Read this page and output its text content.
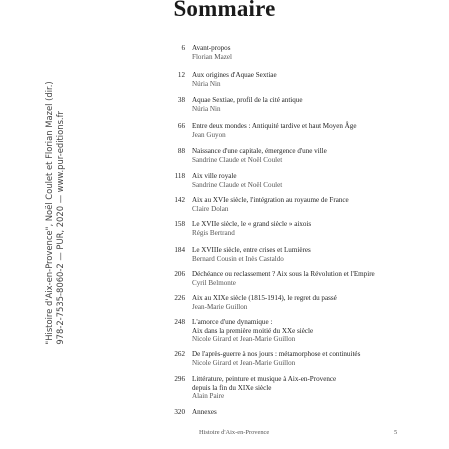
Sommaire
"Histoire d'Aix-en-Provence", Noël Coulet et Florian Mazel (dir.) 978-2-7535-8060-2 — PUR, 2020 — www.pur-editions.fr
6 Avant-propos
Florian Mazel
12 Aux origines d'Aquae Sextiae
Núria Nin
38 Aquae Sextiae, profil de la cité antique
Núria Nin
66 Entre deux mondes : Antiquité tardive et haut Moyen Âge
Jean Guyon
88 Naissance d'une capitale, émergence d'une ville
Sandrine Claude et Noël Coulet
118 Aix ville royale
Sandrine Claude et Noël Coulet
142 Aix au XVIe siècle, l'intégration au royaume de France
Claire Dolan
158 Le XVIIe siècle, le « grand siècle » aixois
Régis Bertrand
184 Le XVIIIe siècle, entre crises et Lumières
Bernard Cousin et Inès Castaldo
206 Déchéance ou reclassement ? Aix sous la Révolution et l'Empire
Cyril Belmonte
226 Aix au XIXe siècle (1815-1914), le regret du passé
Jean-Marie Guillon
248 L'amorce d'une dynamique :
Aix dans la première moitié du XXe siècle
Nicole Girard et Jean-Marie Guillon
262 De l'après-guerre à nos jours : métamorphose et continuités
Nicole Girard et Jean-Marie Guillon
296 Littérature, peinture et musique à Aix-en-Provence
depuis la fin du XIXe siècle
Alain Paire
320 Annexes
Histoire d'Aix-en-Provence	5
